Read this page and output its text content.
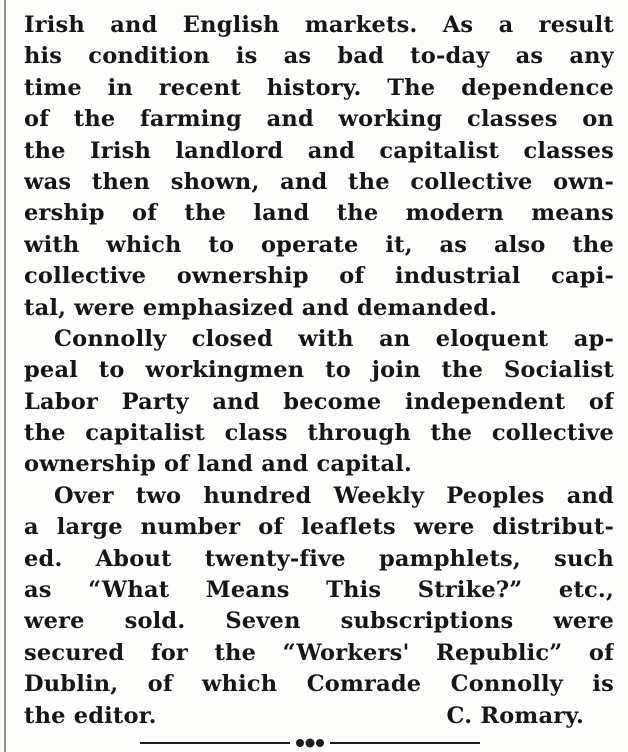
Irish and English markets. As a result
his condition is as bad to-day as any
time in recent history. The dependence
of the farming and working classes on
the Irish landlord and capitalist classes
was then shown, and the collective own-
ership of the land the modern means
with which to operate it, as also the
collective ownership of industrial capi-
tal, were emphasized and demanded.
Connolly closed with an eloquent ap-
peal to workingmen to join the Socialist
Labor Party and become independent of
the capitalist class through the collective
ownership of land and capital.
Over two hundred Weekly Peoples and
a large number of leaflets were distribut-
ed. About twenty-five pamphlets, such
as “What Means This Strike?” etc.,
were sold. Seven subscriptions were
secured for the “Workers' Republic” of
Dublin, of which Comrade Connolly is
the editor.	C. Romary.
